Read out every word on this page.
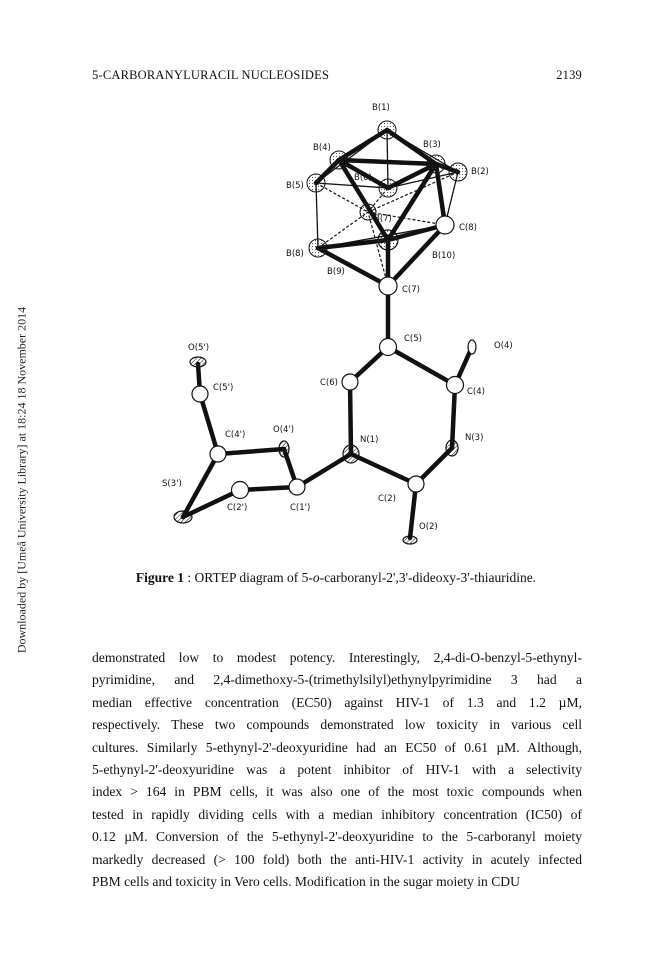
5-CARBORANYLURACIL NUCLEOSIDES	2139
Downloaded by [Umeå University Library] at 18:24 18 November 2014
B(1)
B(4)	B(3)
B(2)
B(5)
B(6)
B(7)
C(8)
B(8)
B(9)
B(10)
C(7)
C(5)
O(4)
C(4)
N(3)
C(2)
O(2)
N(1)
C(6)
C(1')
C(2')
S(3')
C(4')	O(4')
C(5')
O(5')
Figure 1 : ORTEP diagram of 5-o-carboranyl-2',3'-dideoxy-3'-thiauridine.

demonstrated low to modest potency. Interestingly, 2,4-di-O-benzyl-5-ethynyl-

pyrimidine, and 2,4-dimethoxy-5-(trimethylsilyl)ethynylpyrimidine 3 had a

median effective concentration (EC50) against HIV-1 of 1.3 and 1.2 µM,

respectively. These two compounds demonstrated low toxicity in various cell

cultures. Similarly 5-ethynyl-2'-deoxyuridine had an EC50 of 0.61 µM. Although,

5-ethynyl-2'-deoxyuridine was a potent inhibitor of HIV-1 with a selectivity

index > 164 in PBM cells, it was also one of the most toxic compounds when

tested in rapidly dividing cells with a median inhibitory concentration (IC50) of

0.12 µM. Conversion of the 5-ethynyl-2'-deoxyuridine to the 5-carboranyl moiety

markedly decreased (> 100 fold) both the anti-HIV-1 activity in acutely infected

PBM cells and toxicity in Vero cells. Modification in the sugar moiety in CDU
